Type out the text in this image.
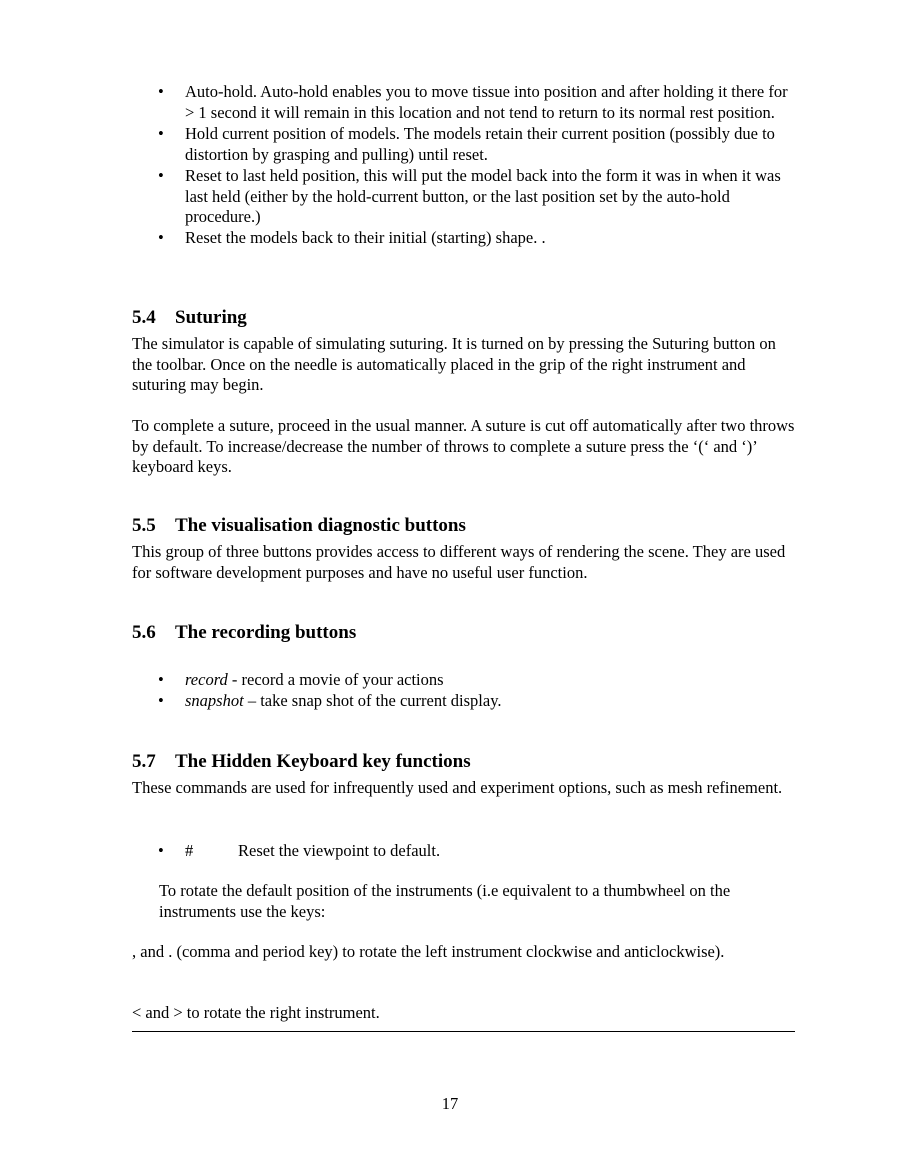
• Auto-hold. Auto-hold enables you to move tissue into position and after holding it there for > 1 second it will remain in this location and not tend to return to its normal rest position.
• Hold current position of models. The models retain their current position (possibly due to distortion by grasping and pulling) until reset.
• Reset to last held position, this will put the model back into the form it was in when it was last held (either by the hold-current button, or the last position set by the auto-hold procedure.)
• Reset the models back to their initial (starting) shape. .
5.4 Suturing

The simulator is capable of simulating suturing. It is turned on by pressing the Suturing button on the toolbar. Once on the needle is automatically placed in the grip of the right instrument and suturing may begin.

To complete a suture, proceed in the usual manner. A suture is cut off automatically after two throws by default. To increase/decrease the number of throws to complete a suture press the ‘(‘ and ‘)’ keyboard keys.

5.5 The visualisation diagnostic buttons

This group of three buttons provides access to different ways of rendering the scene. They are used for software development purposes and have no useful user function.

5.6 The recording buttons
• record - record a movie of your actions
• snapshot – take snap shot of the current display.
5.7 The Hidden Keyboard key functions

These commands are used for infrequently used and experiment options, such as mesh refinement.

• #	Reset the viewpoint to default.

To rotate the default position of the instruments (i.e equivalent to a thumbwheel on the instruments use the keys:

, and . (comma and period key) to rotate the left instrument clockwise and anticlockwise).

< and > to rotate the right instrument.

17
